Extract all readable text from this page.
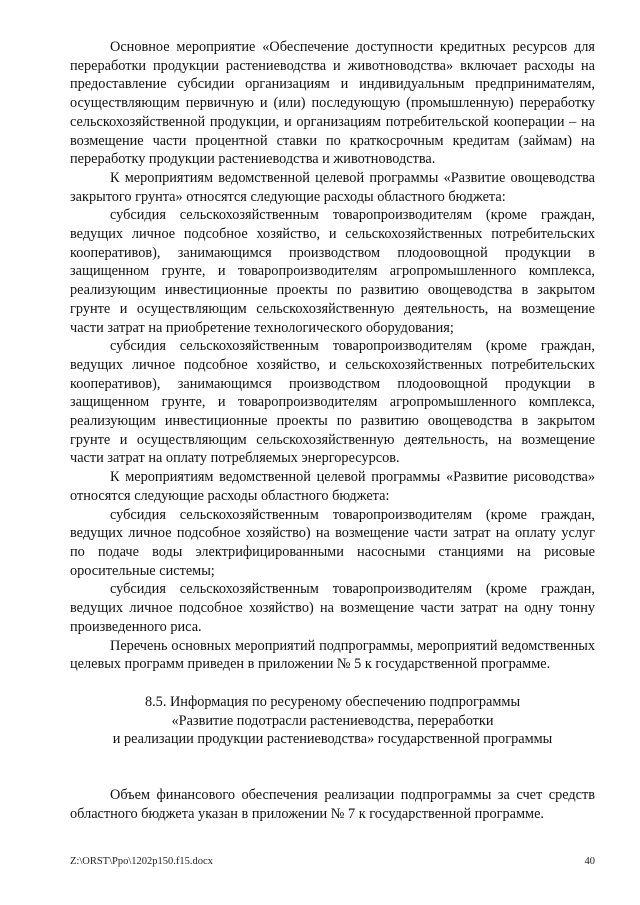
Основное мероприятие «Обеспечение доступности кредитных ресурсов для переработки продукции растениеводства и животноводства» включает расходы на предоставление субсидии организациям и индивидуальным предпринимателям, осуществляющим первичную и (или) последующую (промышленную) переработку сельскохозяйственной продукции, и организациям потребительской кооперации – на возмещение части процентной ставки по краткосрочным кредитам (займам) на переработку продукции растениеводства и животноводства.

К мероприятиям ведомственной целевой программы «Развитие овощеводства закрытого грунта» относятся следующие расходы областного бюджета:

субсидия сельскохозяйственным товаропроизводителям (кроме граждан, ведущих личное подсобное хозяйство, и сельскохозяйственных потребительских кооперативов), занимающимся производством плодоовощной продукции в защищенном грунте, и товаропроизводителям агропромышленного комплекса, реализующим инвестиционные проекты по развитию овощеводства в закрытом грунте и осуществляющим сельскохозяйственную деятельность, на возмещение части затрат на приобретение технологического оборудования;

субсидия сельскохозяйственным товаропроизводителям (кроме граждан, ведущих личное подсобное хозяйство, и сельскохозяйственных потребительских кооперативов), занимающимся производством плодоовощной продукции в защищенном грунте, и товаропроизводителям агропромышленного комплекса, реализующим инвестиционные проекты по развитию овощеводства в закрытом грунте и осуществляющим сельскохозяйственную деятельность, на возмещение части затрат на оплату потребляемых энергоресурсов.

К мероприятиям ведомственной целевой программы «Развитие рисоводства» относятся следующие расходы областного бюджета:

субсидия сельскохозяйственным товаропроизводителям (кроме граждан, ведущих личное подсобное хозяйство) на возмещение части затрат на оплату услуг по подаче воды электрифицированными насосными станциями на рисовые оросительные системы;

субсидия сельскохозяйственным товаропроизводителям (кроме граждан, ведущих личное подсобное хозяйство) на возмещение части затрат на одну тонну произведенного риса.

Перечень основных мероприятий подпрограммы, мероприятий ведомственных целевых программ приведен в приложении № 5 к государственной программе.

8.5. Информация по ресуреному обеспечению подпрограммы
«Развитие подотрасли растениеводства, переработки
и реализации продукции растениеводства» государственной программы

Объем финансового обеспечения реализации подпрограммы за счет средств областного бюджета указан в приложении № 7 к государственной программе.

Z:\ORST\Ppo\1202p150.f15.docx	40
